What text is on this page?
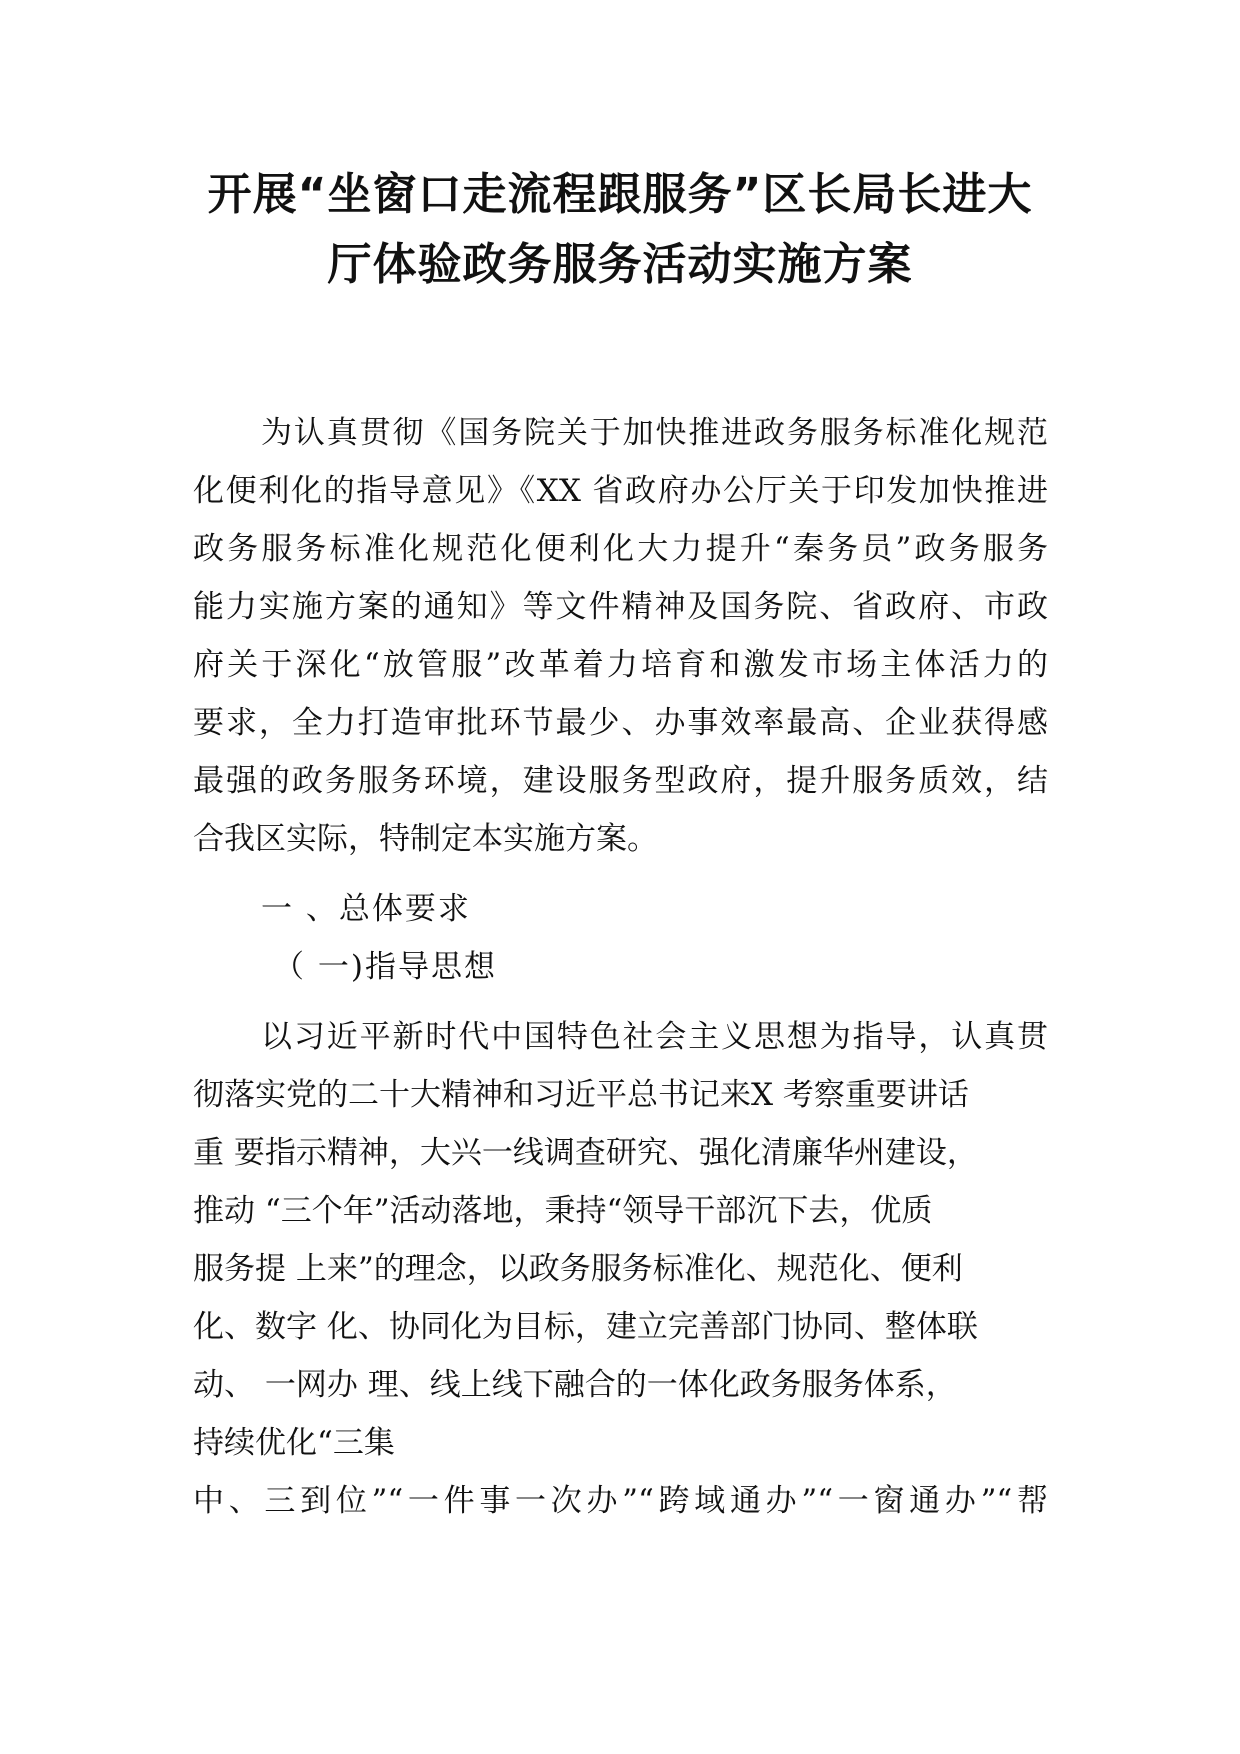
开展“坐窗口走流程跟服务”区长局长进大
厅体验政务服务活动实施方案
为认真贯彻《国务院关于加快推进政务服务标准化规范
化便利化的指导意见》《XX 省政府办公厅关于印发加快推进
政务服务标准化规范化便利化大力提升“秦务员”政务服务
能力实施方案的通知》等文件精神及国务院、省政府、市政
府关于深化“放管服”改革着力培育和激发市场主体活力的
要求，全力打造审批环节最少、办事效率最高、企业获得感
最强的政务服务环境，建设服务型政府，提升服务质效，结
合我区实际，特制定本实施方案。
一 、总体要求
（ 一)指导思想
以习近平新时代中国特色社会主义思想为指导，认真贯
彻落实党的二十大精神和习近平总书记来X 考察重要讲话
重 要指示精神，大兴一线调查研究、强化清廉华州建设，
推动 “三个年”活动落地，秉持“领导干部沉下去，优质
服务提 上来”的理念，以政务服务标准化、规范化、便利
化、数字 化、协同化为目标，建立完善部门协同、整体联
动、 一网办 理、线上线下融合的一体化政务服务体系，
持续优化“三集
中、三到位”“一件事一次办”“跨域通办”“一窗通办”“帮
